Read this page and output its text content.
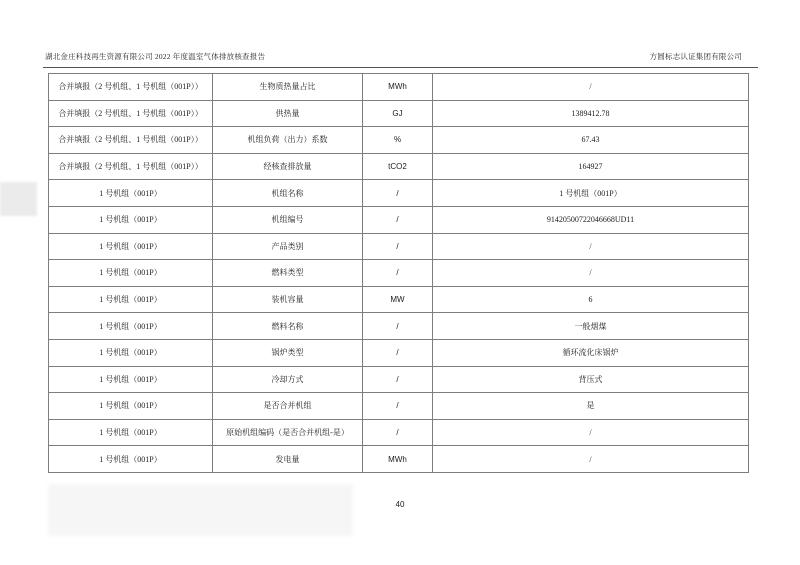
湖北金庄科技再生资源有限公司 2022 年度温室气体排放核查报告	方圆标志认证集团有限公司
合并填报（2 号机组、1 号机组（001P））	生物质热量占比	MWh	/
合并填报（2 号机组、1 号机组（001P））	供热量	GJ	1389412.78
合并填报（2 号机组、1 号机组（001P））	机组负荷（出力）系数	%	67.43
合并填报（2 号机组、1 号机组（001P））	经核查排放量	tCO2	164927
1 号机组（001P）	机组名称	/	1 号机组（001P）
1 号机组（001P）	机组编号	/	91420500722046668UD11
1 号机组（001P）	产品类别	/	/
1 号机组（001P）	燃料类型	/	/
1 号机组（001P）	装机容量	MW	6
1 号机组（001P）	燃料名称	/	一般烟煤
1 号机组（001P）	锅炉类型	/	循环流化床锅炉
1 号机组（001P）	冷却方式	/	背压式
1 号机组（001P）	是否合并机组	/	是
1 号机组（001P）	原始机组编码（是否合并机组-是）	/	/
1 号机组（001P）	发电量	MWh	/
40
